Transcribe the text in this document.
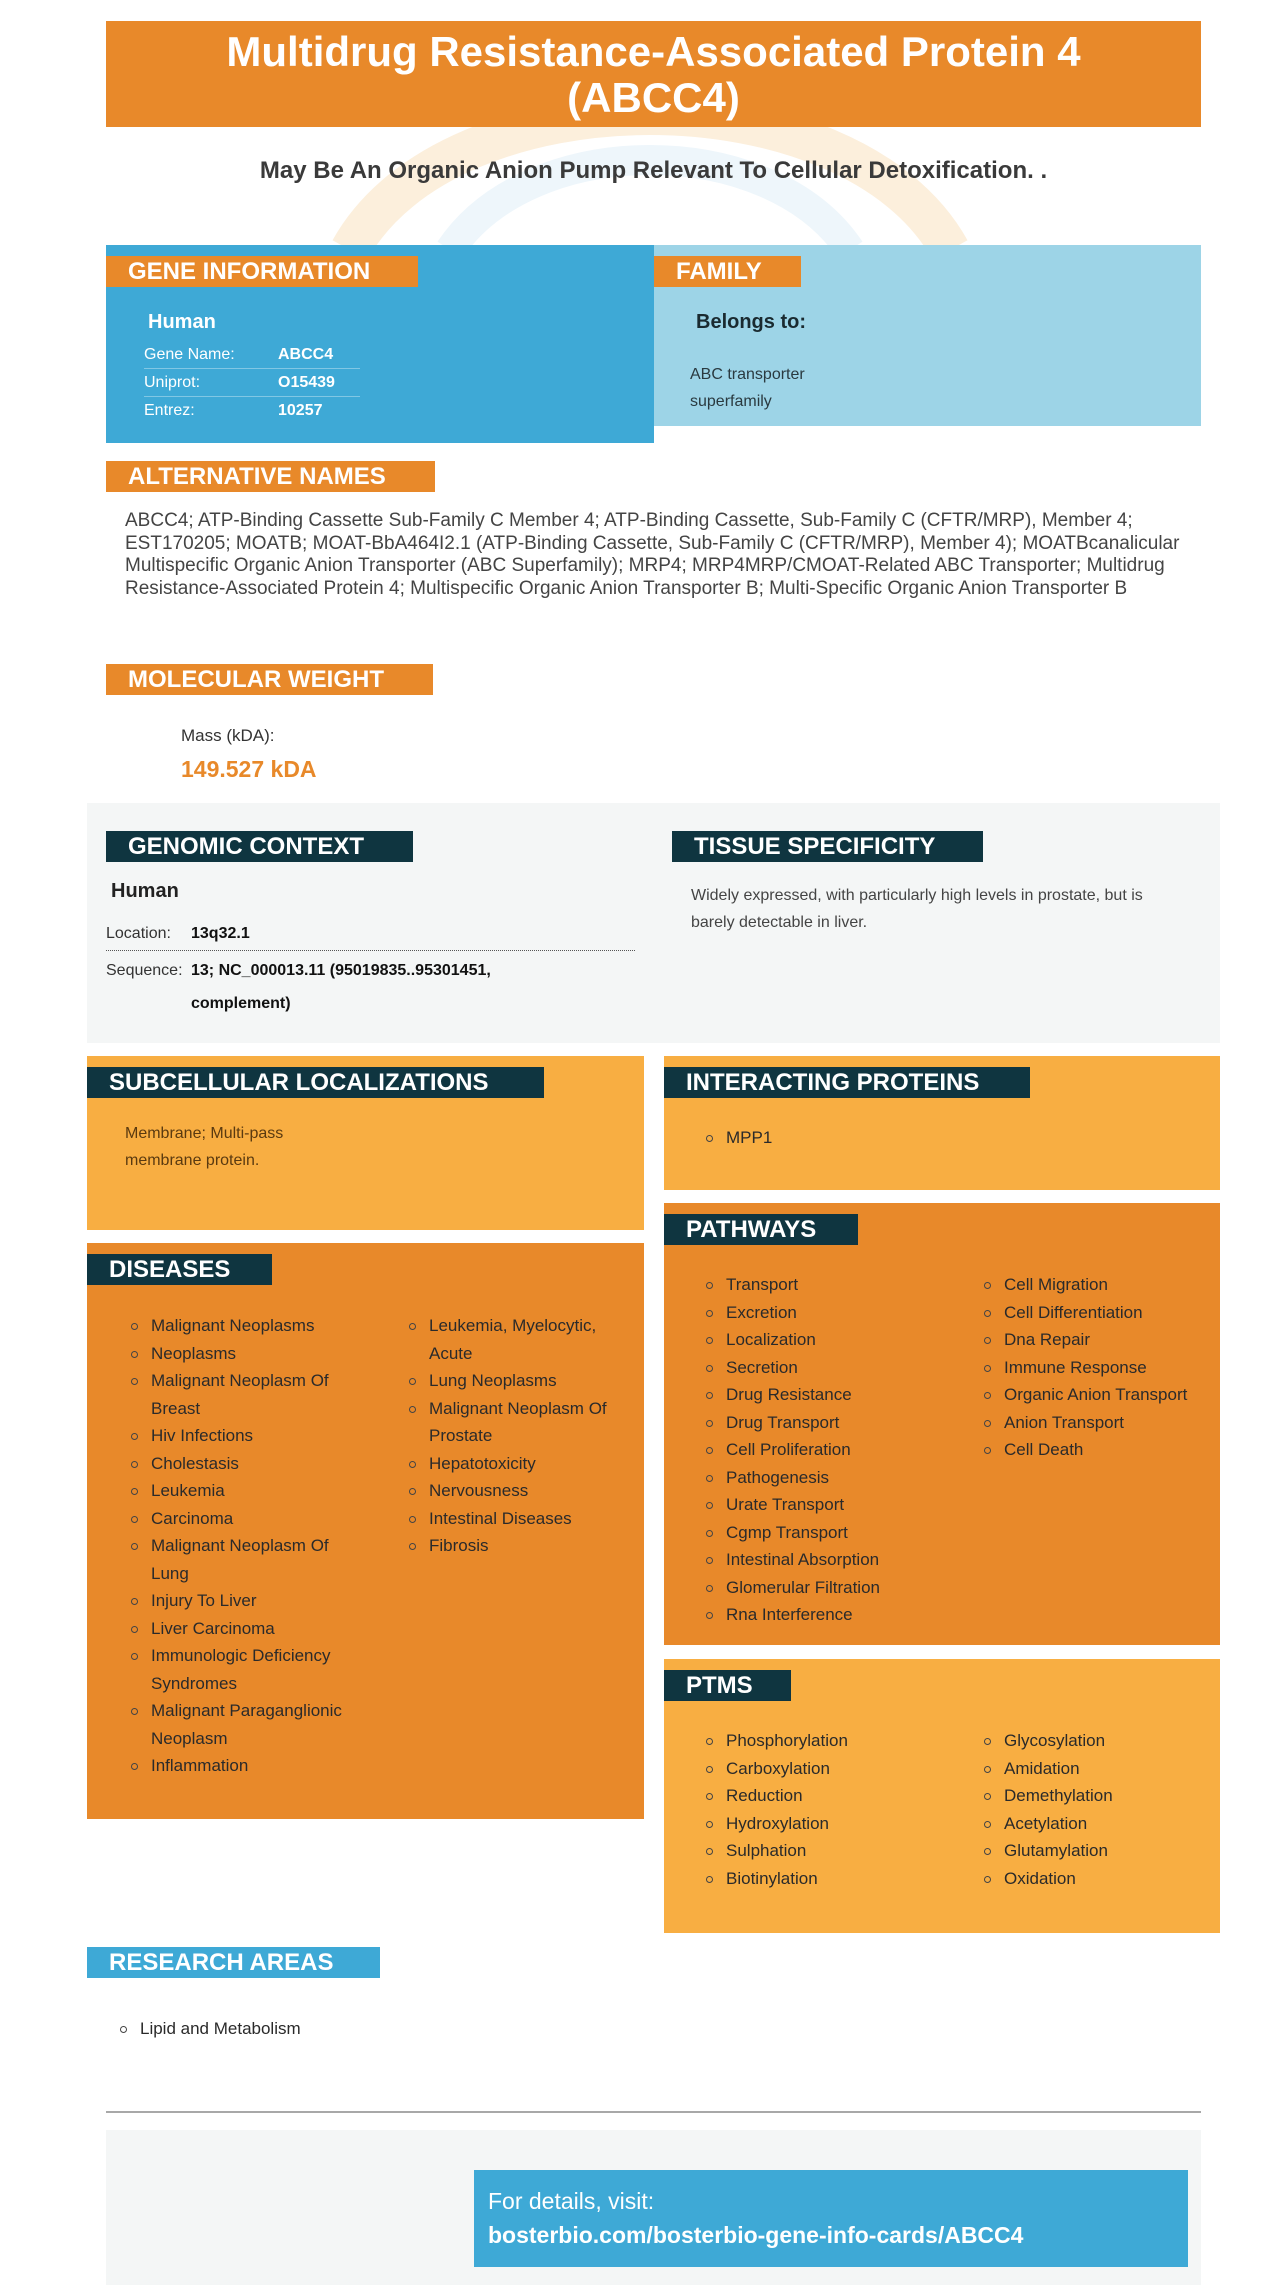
Multidrug Resistance-Associated Protein 4 (ABCC4)
May Be An Organic Anion Pump Relevant To Cellular Detoxification. .
GENE INFORMATION
Human
Gene Name:	ABCC4
Uniprot:	O15439
Entrez:	10257
FAMILY
Belongs to:
ABC transporter
superfamily
ALTERNATIVE NAMES
ABCC4; ATP-Binding Cassette Sub-Family C Member 4; ATP-Binding Cassette, Sub-Family C (CFTR/MRP), Member 4; EST170205; MOATB; MOAT-BbA464I2.1 (ATP-Binding Cassette, Sub-Family C (CFTR/MRP), Member 4); MOATBcanalicular Multispecific Organic Anion Transporter (ABC Superfamily); MRP4; MRP4MRP/CMOAT-Related ABC Transporter; Multidrug Resistance-Associated Protein 4; Multispecific Organic Anion Transporter B; Multi-Specific Organic Anion Transporter B
MOLECULAR WEIGHT
Mass (kDA):
149.527 kDA
GENOMIC CONTEXT
Human
Location:	13q32.1
Sequence: 13; NC_000013.11 (95019835..95301451,
complement)
TISSUE SPECIFICITY
Widely expressed, with particularly high levels in prostate, but is barely detectable in liver.
SUBCELLULAR LOCALIZATIONS
Membrane; Multi-pass
membrane protein.
INTERACTING PROTEINS
MPP1
DISEASES
Malignant Neoplasms
Neoplasms
Malignant Neoplasm Of Breast
Hiv Infections
Cholestasis
Leukemia
Carcinoma
Malignant Neoplasm Of Lung
Injury To Liver
Liver Carcinoma
Immunologic Deficiency Syndromes
Malignant Paraganglionic Neoplasm
Inflammation
Leukemia, Myelocytic, Acute
Lung Neoplasms
Malignant Neoplasm Of Prostate
Hepatotoxicity
Nervousness
Intestinal Diseases
Fibrosis
PATHWAYS
Transport
Excretion
Localization
Secretion
Drug Resistance
Drug Transport
Cell Proliferation
Pathogenesis
Urate Transport
Cgmp Transport
Intestinal Absorption
Glomerular Filtration
Rna Interference
Cell Migration
Cell Differentiation
Dna Repair
Immune Response
Organic Anion Transport
Anion Transport
Cell Death
PTMS
Phosphorylation
Carboxylation
Reduction
Hydroxylation
Sulphation
Biotinylation
Glycosylation
Amidation
Demethylation
Acetylation
Glutamylation
Oxidation
RESEARCH AREAS
Lipid and Metabolism
For details, visit:
bosterbio.com/bosterbio-gene-info-cards/ABCC4
